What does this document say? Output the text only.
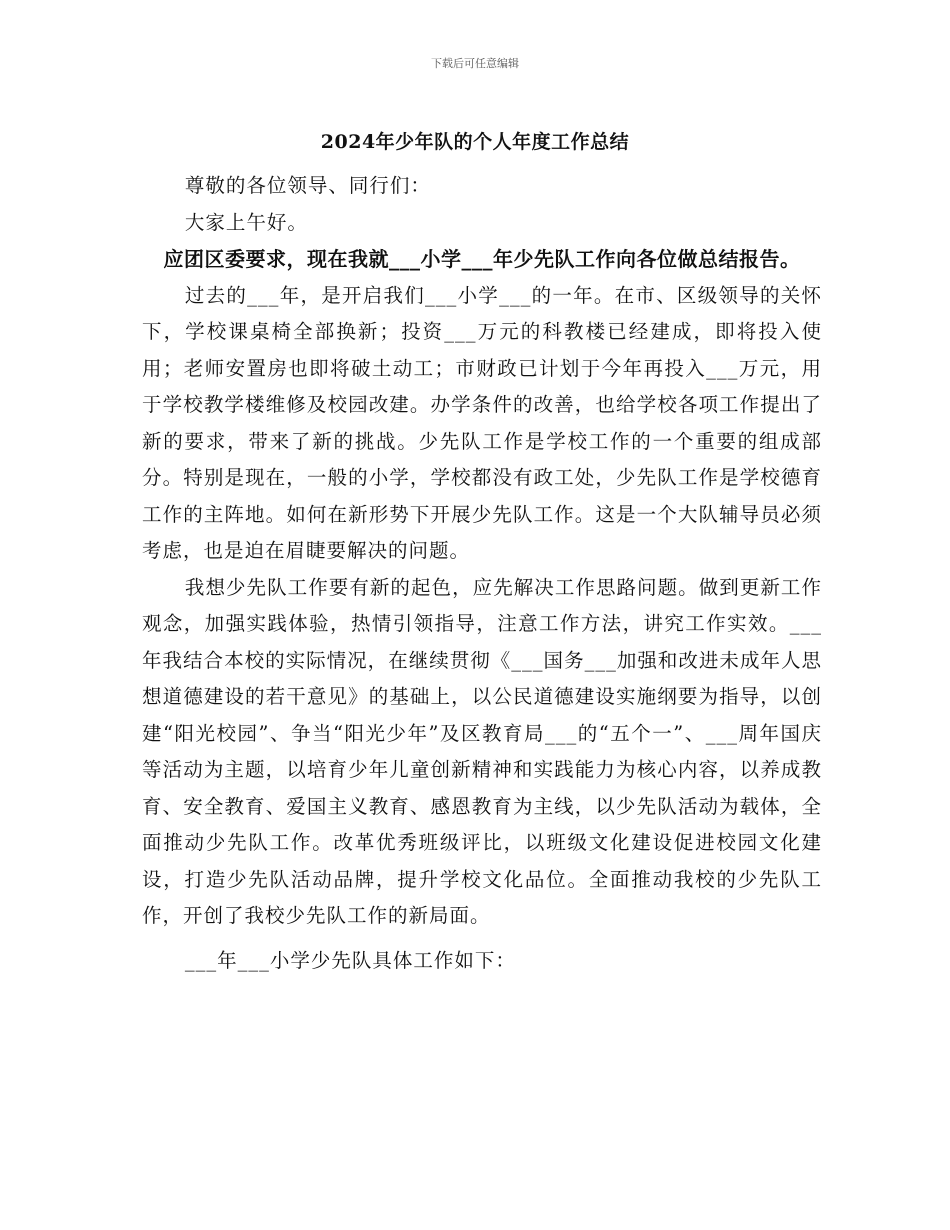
下载后可任意编辑
2024年少年队的个人年度工作总结

尊敬的各位领导、同行们：

大家上午好。

应团区委要求，现在我就___小学___年少先队工作向各位做总结报告。

过去的___年，是开启我们___小学___的一年。在市、区级领导的关怀下，学校课桌椅全部换新；投资___万元的科教楼已经建成，即将投入使用；老师安置房也即将破土动工；市财政已计划于今年再投入___万元，用于学校教学楼维修及校园改建。办学条件的改善，也给学校各项工作提出了新的要求，带来了新的挑战。少先队工作是学校工作的一个重要的组成部分。特别是现在，一般的小学，学校都没有政工处，少先队工作是学校德育工作的主阵地。如何在新形势下开展少先队工作。这是一个大队辅导员必须考虑，也是迫在眉睫要解决的问题。

我想少先队工作要有新的起色，应先解决工作思路问题。做到更新工作观念，加强实践体验，热情引领指导，注意工作方法，讲究工作实效。___年我结合本校的实际情况，在继续贯彻《___国务___加强和改进未成年人思想道德建设的若干意见》的基础上，以公民道德建设实施纲要为指导，以创建“阳光校园”、争当“阳光少年”及区教育局___的“五个一”、___周年国庆等活动为主题，以培育少年儿童创新精神和实践能力为核心内容，以养成教育、安全教育、爱国主义教育、感恩教育为主线，以少先队活动为载体，全面推动少先队工作。改革优秀班级评比，以班级文化建设促进校园文化建设，打造少先队活动品牌，提升学校文化品位。全面推动我校的少先队工作，开创了我校少先队工作的新局面。

___年___小学少先队具体工作如下：
